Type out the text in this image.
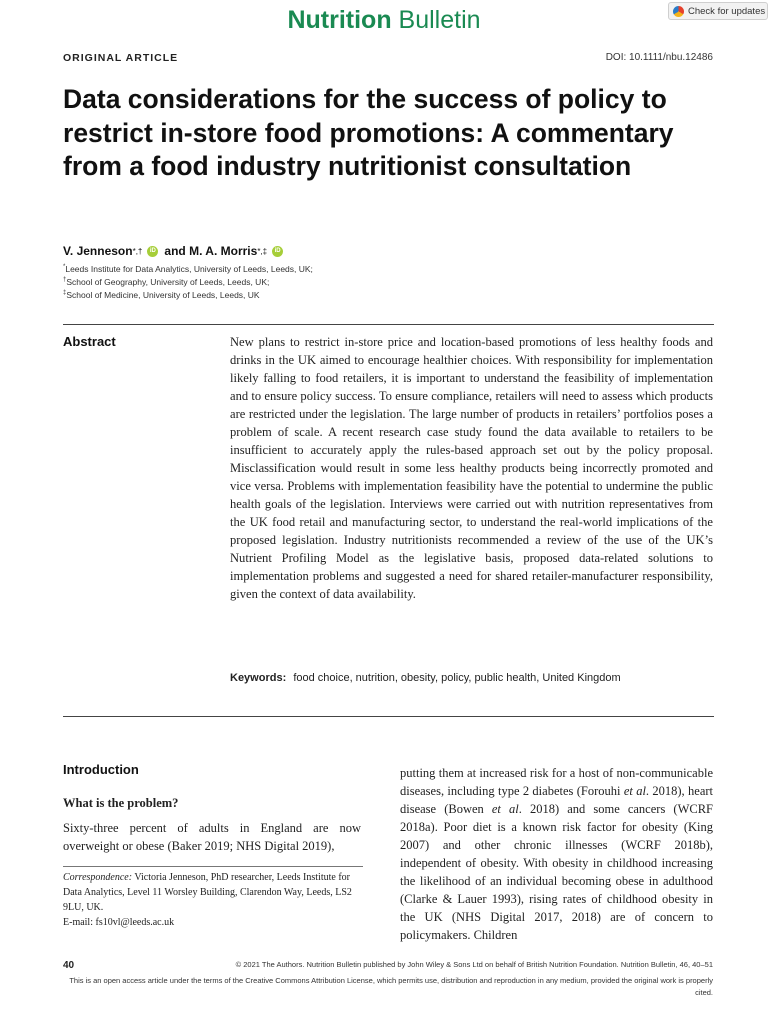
Nutrition Bulletin	Check for updates
ORIGINAL ARTICLE	DOI: 10.1111/nbu.12486
Data considerations for the success of policy to restrict in-store food promotions: A commentary from a food industry nutritionist consultation
V. Jenneson *,†	iD and
M. A. Morris *,‡	iD
*Leeds Institute for Data Analytics, University of Leeds, Leeds, UK;
†School of Geography, University of Leeds, Leeds, UK;
‡School of Medicine, University of Leeds, Leeds, UK
Abstract	New plans to restrict in-store price and location-based promotions of less healthy foods and drinks in the UK aimed to encourage healthier choices. With responsibility for implementation likely falling to food retailers, it is important to understand the feasibility of implementation and to ensure policy success. To ensure compliance, retailers will need to assess which products are restricted under the legislation. The large number of products in retailers’ portfolios poses a problem of scale. A recent research case study found the data available to retailers to be insufficient to accurately apply the rules-based approach set out by the policy proposal. Misclassification would result in some less healthy products being incorrectly promoted and vice versa. Problems with implementation feasibility have the potential to undermine the public health goals of the legislation. Interviews were carried out with nutrition representatives from the UK food retail and manufacturing sector, to understand the real-world implications of the proposed legislation. Industry nutritionists recommended a review of the use of the UK’s Nutrient Profiling Model as the legislative basis, proposed data-related solutions to implementation problems and suggested a need for shared retailer-manufacturer responsibility, given the context of data availability.

Keywords: food choice, nutrition, obesity, policy, public health, United Kingdom
Introduction
What is the problem?

Sixty-three percent of adults in England are now overweight or obese (Baker 2019; NHS Digital 2019),

Correspondence: Victoria Jenneson, PhD researcher, Leeds Institute for Data Analytics, Level 11 Worsley Building, Clarendon Way, Leeds, LS2 9LU, UK.
E-mail: fs10vl@leeds.ac.uk

putting them at increased risk for a host of non-communicable diseases, including type 2 diabetes (Forouhi et al. 2018), heart disease (Bowen et al. 2018) and some cancers (WCRF 2018a). Poor diet is a known risk factor for obesity (King 2007) and other chronic illnesses (WCRF 2018b), independent of obesity. With obesity in childhood increasing the likelihood of an individual becoming obese in adulthood (Clarke & Lauer 1993), rising rates of childhood obesity in the UK (NHS Digital 2017, 2018) are of concern to policymakers. Children

40	© 2021 The Authors. Nutrition Bulletin published by John Wiley & Sons Ltd on behalf of British Nutrition Foundation. Nutrition Bulletin, 46, 40–51
This is an open access article under the terms of the Creative Commons Attribution License, which permits use, distribution and reproduction in any medium, provided the original work is properly cited.
